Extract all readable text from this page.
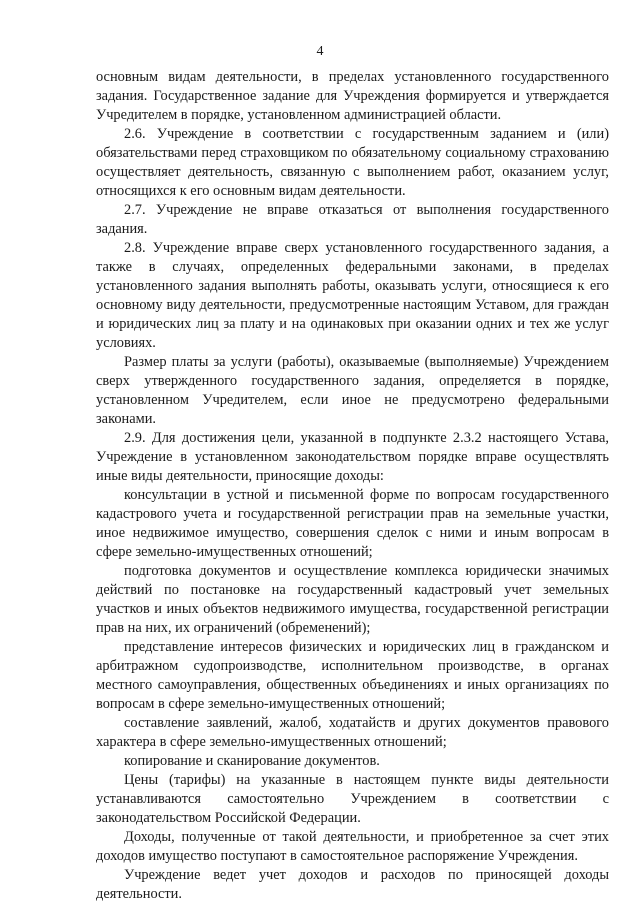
4

основным видам деятельности, в пределах установленного государственного задания. Государственное задание для Учреждения формируется и утверждается Учредителем в порядке, установленном администрацией области.

2.6. Учреждение в соответствии с государственным заданием и (или) обязательствами перед страховщиком по обязательному социальному страхованию осуществляет деятельность, связанную с выполнением работ, оказанием услуг, относящихся к его основным видам деятельности.

2.7. Учреждение не вправе отказаться от выполнения государственного задания.

2.8. Учреждение вправе сверх установленного государственного задания, а также в случаях, определенных федеральными законами, в пределах установленного задания выполнять работы, оказывать услуги, относящиеся к его основному виду деятельности, предусмотренные настоящим Уставом, для граждан и юридических лиц за плату и на одинаковых при оказании одних и тех же услуг условиях.

Размер платы за услуги (работы), оказываемые (выполняемые) Учреждением сверх утвержденного государственного задания, определяется в порядке, установленном Учредителем, если иное не предусмотрено федеральными законами.

2.9. Для достижения цели, указанной в подпункте 2.3.2 настоящего Устава, Учреждение в установленном законодательством порядке вправе осуществлять иные виды деятельности, приносящие доходы:

консультации в устной и письменной форме по вопросам государственного кадастрового учета и государственной регистрации прав на земельные участки, иное недвижимое имущество, совершения сделок с ними и иным вопросам в сфере земельно-имущественных отношений;

подготовка документов и осуществление комплекса юридически значимых действий по постановке на государственный кадастровый учет земельных участков и иных объектов недвижимого имущества, государственной регистрации прав на них, их ограничений (обременений);

представление интересов физических и юридических лиц в гражданском и арбитражном судопроизводстве, исполнительном производстве, в органах местного самоуправления, общественных объединениях и иных организациях по вопросам в сфере земельно-имущественных отношений;

составление заявлений, жалоб, ходатайств и других документов правового характера в сфере земельно-имущественных отношений;

копирование и сканирование документов.

Цены (тарифы) на указанные в настоящем пункте виды деятельности устанавливаются самостоятельно Учреждением в соответствии с законодательством Российской Федерации.

Доходы, полученные от такой деятельности, и приобретенное за счет этих доходов имущество поступают в самостоятельное распоряжение Учреждения.

Учреждение ведет учет доходов и расходов по приносящей доходы деятельности.
